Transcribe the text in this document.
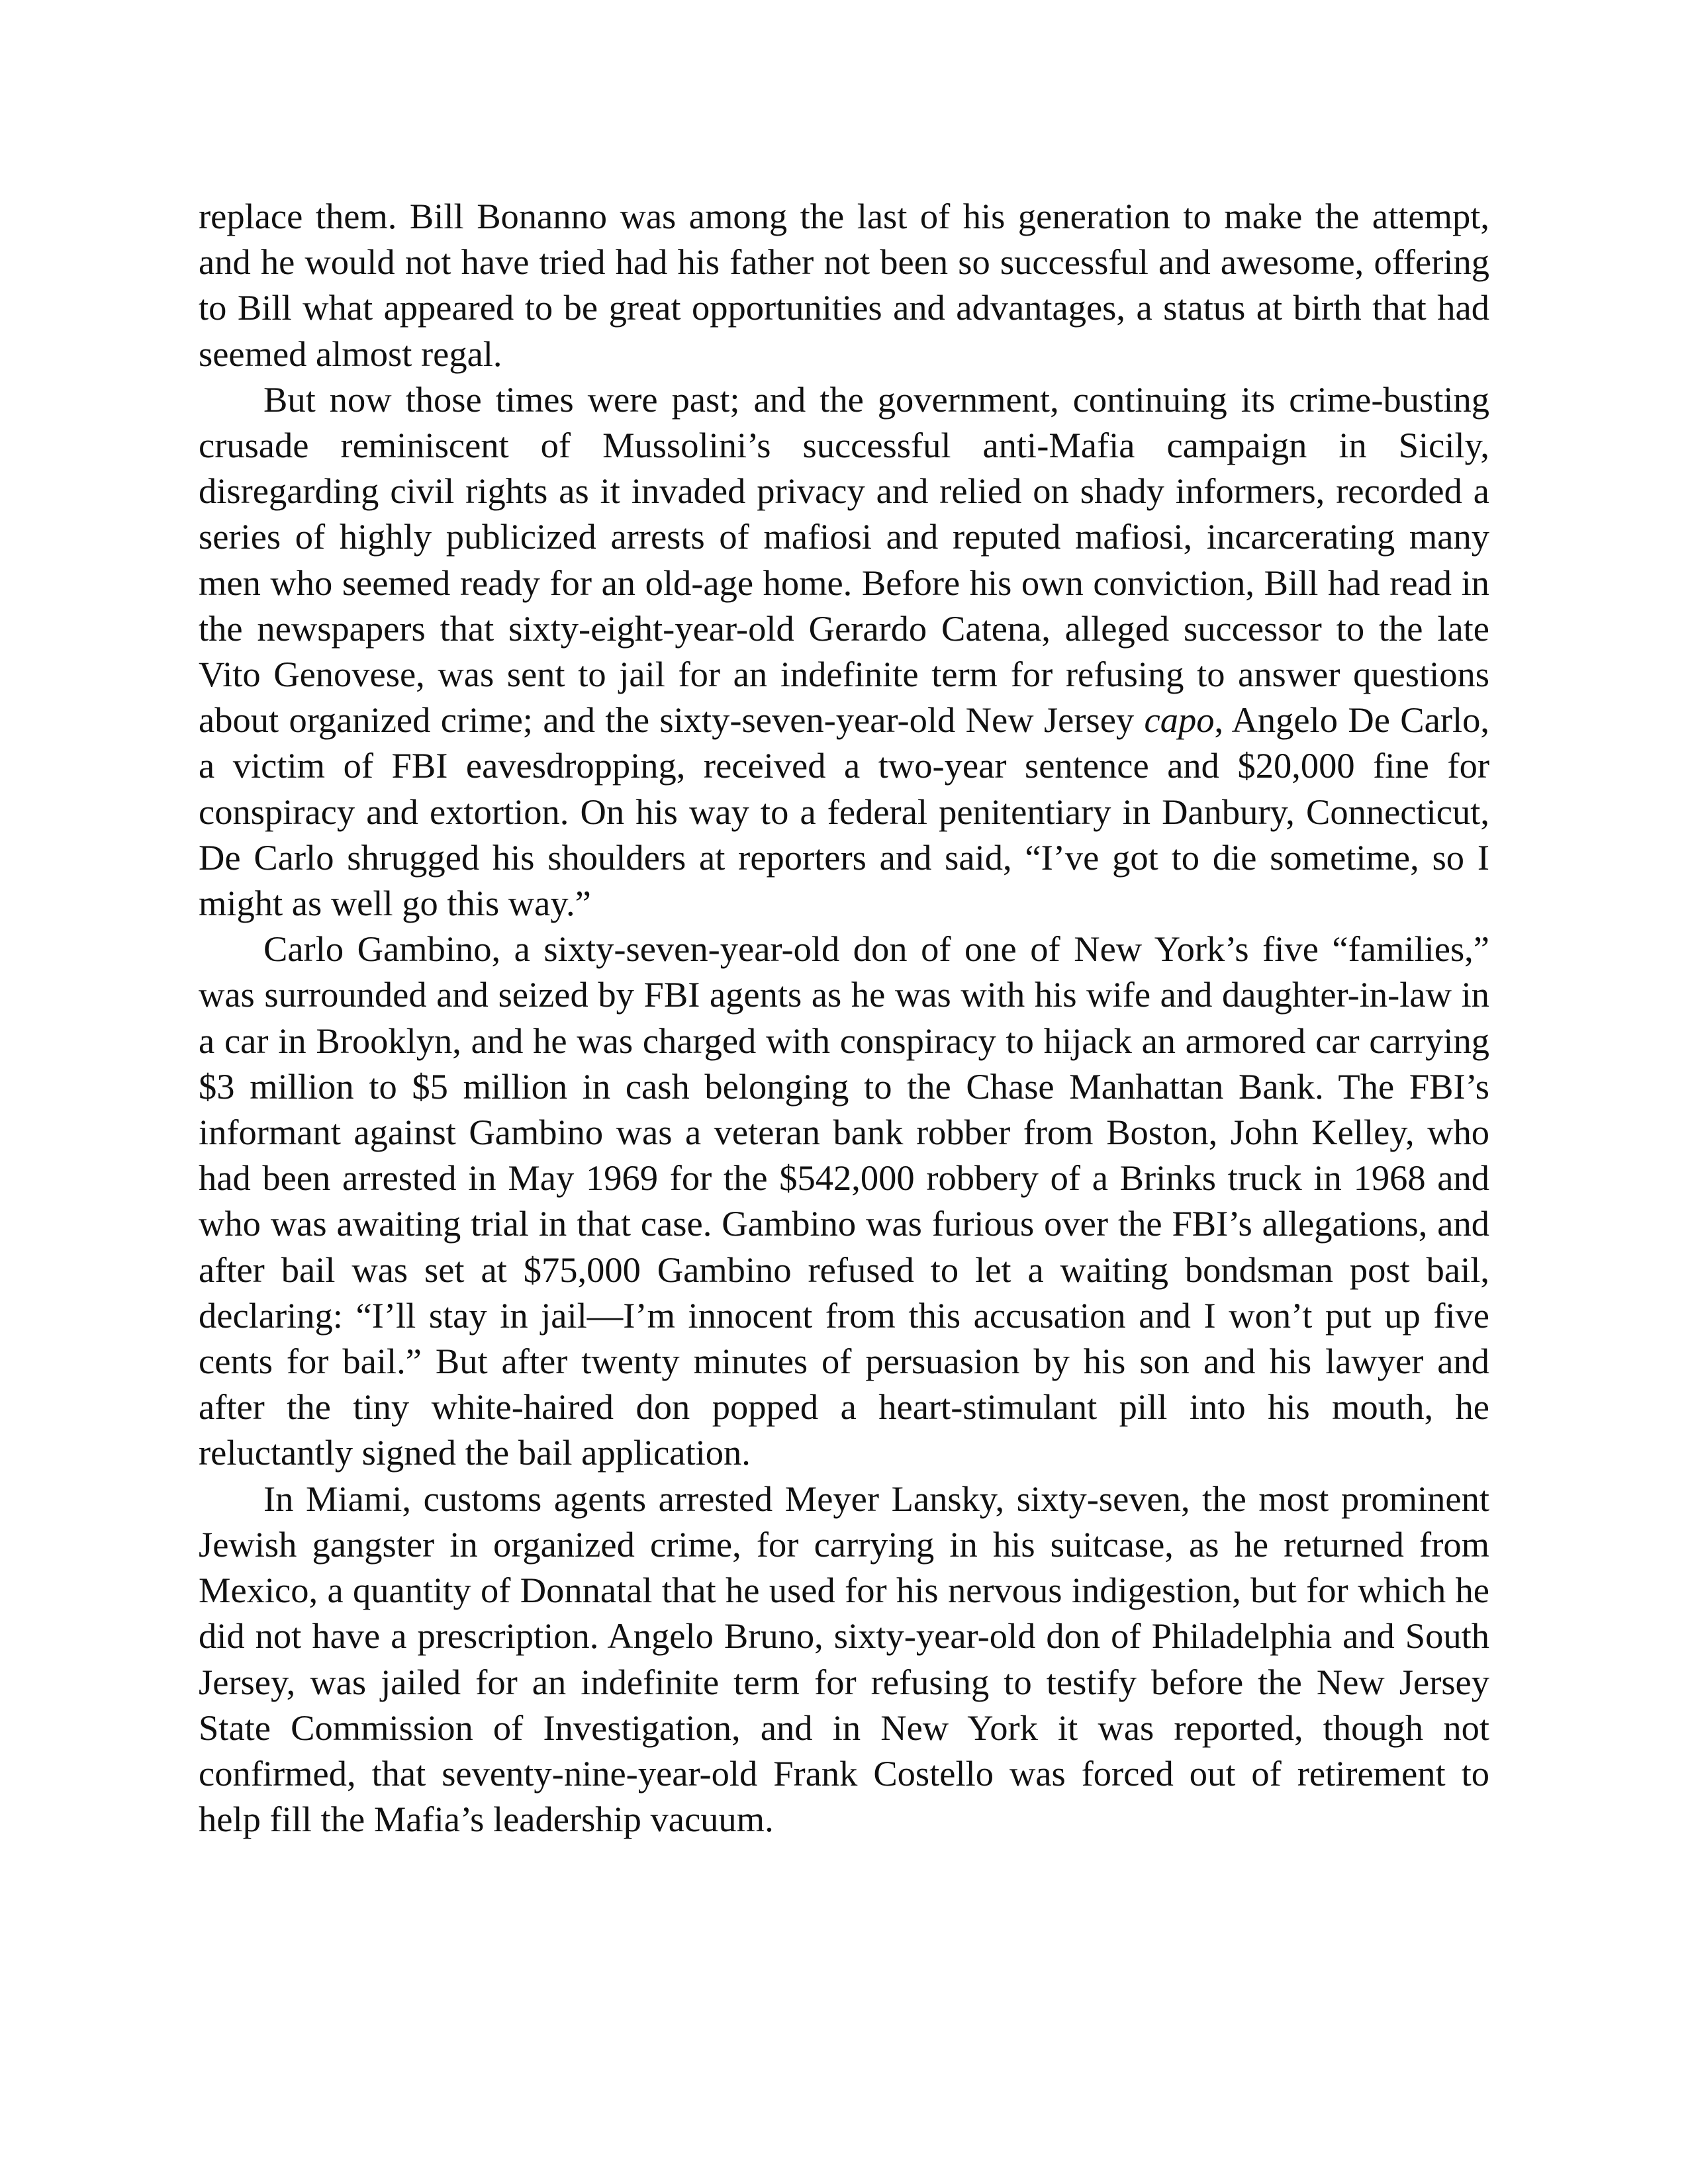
replace them. Bill Bonanno was among the last of his generation to make the attempt, and he would not have tried had his father not been so successful and awesome, offering to Bill what appeared to be great opportunities and advantages, a status at birth that had seemed almost regal.

But now those times were past; and the government, continuing its crime-busting crusade reminiscent of Mussolini’s successful anti-Mafia campaign in Sicily, disregarding civil rights as it invaded privacy and relied on shady informers, recorded a series of highly publicized arrests of mafiosi and reputed mafiosi, incarcerating many men who seemed ready for an old-age home. Before his own conviction, Bill had read in the newspapers that sixty-eight-year-old Gerardo Catena, alleged successor to the late Vito Genovese, was sent to jail for an indefinite term for refusing to answer questions about organized crime; and the sixty-seven-year-old New Jersey capo, Angelo De Carlo, a victim of FBI eavesdropping, received a two-year sentence and $20,000 fine for conspiracy and extortion. On his way to a federal penitentiary in Danbury, Connecticut, De Carlo shrugged his shoulders at reporters and said, “I’ve got to die sometime, so I might as well go this way.”

Carlo Gambino, a sixty-seven-year-old don of one of New York’s five “families,” was surrounded and seized by FBI agents as he was with his wife and daughter-in-law in a car in Brooklyn, and he was charged with conspiracy to hijack an armored car carrying $3 million to $5 million in cash belonging to the Chase Manhattan Bank. The FBI’s informant against Gambino was a veteran bank robber from Boston, John Kelley, who had been arrested in May 1969 for the $542,000 robbery of a Brinks truck in 1968 and who was awaiting trial in that case. Gambino was furious over the FBI’s allegations, and after bail was set at $75,000 Gambino refused to let a waiting bondsman post bail, declaring: “I’ll stay in jail—I’m innocent from this accusation and I won’t put up five cents for bail.” But after twenty minutes of persuasion by his son and his lawyer and after the tiny white-haired don popped a heart-stimulant pill into his mouth, he reluctantly signed the bail application.

In Miami, customs agents arrested Meyer Lansky, sixty-seven, the most prominent Jewish gangster in organized crime, for carrying in his suitcase, as he returned from Mexico, a quantity of Donnatal that he used for his nervous indigestion, but for which he did not have a prescription. Angelo Bruno, sixty-year-old don of Philadelphia and South Jersey, was jailed for an indefinite term for refusing to testify before the New Jersey State Commission of Investigation, and in New York it was reported, though not confirmed, that seventy-nine-year-old Frank Costello was forced out of retirement to help fill the Mafia’s leadership vacuum.
